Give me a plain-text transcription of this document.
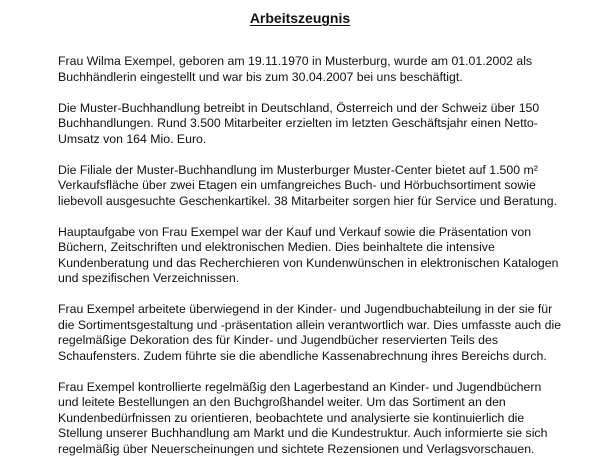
Arbeitszeugnis

Frau Wilma Exempel, geboren am 19.11.1970 in Musterburg, wurde am 01.01.2002 als
Buchhändlerin eingestellt und war bis zum 30.04.2007 bei uns beschäftigt.

Die Muster-Buchhandlung betreibt in Deutschland, Österreich und der Schweiz über 150
Buchhandlungen. Rund 3.500 Mitarbeiter erzielten im letzten Geschäftsjahr einen Netto-
Umsatz von 164 Mio. Euro.

Die Filiale der Muster-Buchhandlung im Musterburger Muster-Center bietet auf 1.500 m²
Verkaufsfläche über zwei Etagen ein umfangreiches Buch- und Hörbuchsortiment sowie
liebevoll ausgesuchte Geschenkartikel. 38 Mitarbeiter sorgen hier für Service und Beratung.

Hauptaufgabe von Frau Exempel war der Kauf und Verkauf sowie die Präsentation von
Büchern, Zeitschriften und elektronischen Medien. Dies beinhaltete die intensive
Kundenberatung und das Recherchieren von Kundenwünschen in elektronischen Katalogen
und spezifischen Verzeichnissen.

Frau Exempel arbeitete überwiegend in der Kinder- und Jugendbuchabteilung in der sie für
die Sortimentsgestaltung und -präsentation allein verantwortlich war. Dies umfasste auch die
regelmäßige Dekoration des für Kinder- und Jugendbücher reservierten Teils des
Schaufensters. Zudem führte sie die abendliche Kassenabrechnung ihres Bereichs durch.

Frau Exempel kontrollierte regelmäßig den Lagerbestand an Kinder- und Jugendbüchern
und leitete Bestellungen an den Buchgroßhandel weiter. Um das Sortiment an den
Kundenbedürfnissen zu orientieren, beobachtete und analysierte sie kontinuierlich die
Stellung unserer Buchhandlung am Markt und die Kundestruktur. Auch informierte sie sich
regelmäßig über Neuerscheinungen und sichtete Rezensionen und Verlagsvorschauen.
